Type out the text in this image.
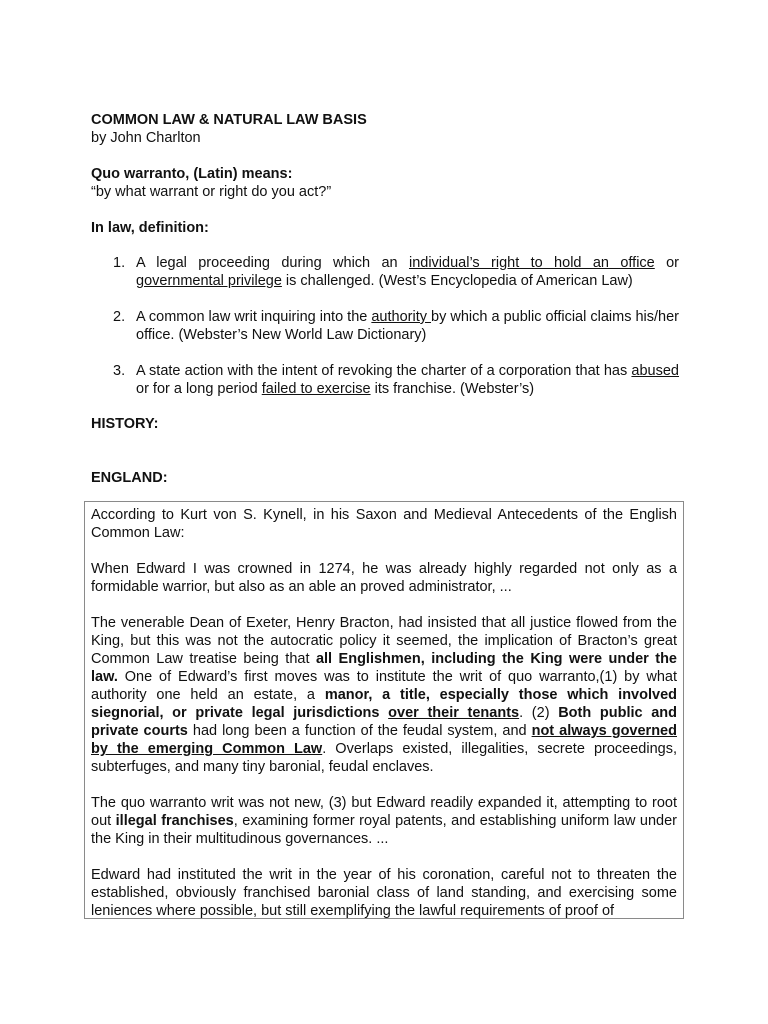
COMMON LAW & NATURAL LAW BASIS
by John Charlton
Quo warranto, (Latin) means:
“by what warrant or right do you act?”
In law, definition:
1. A legal proceeding during which an individual’s right to hold an office or governmental privilege is challenged. (West’s Encyclopedia of American Law)
2. A common law writ inquiring into the authority by which a public official claims his/her office. (Webster’s New World Law Dictionary)
3. A state action with the intent of revoking the charter of a corporation that has abused or for a long period failed to exercise its franchise. (Webster’s)
HISTORY:
ENGLAND:

According to Kurt von S. Kynell, in his Saxon and Medieval Antecedents of the English Common Law:

When Edward I was crowned in 1274, he was already highly regarded not only as a formidable warrior, but also as an able an proved administrator, ...

The venerable Dean of Exeter, Henry Bracton, had insisted that all justice flowed from the King, but this was not the autocratic policy it seemed, the implication of Bracton’s great Common Law treatise being that all Englishmen, including the King were under the law. One of Edward’s first moves was to institute the writ of quo warranto,(1) by what authority one held an estate, a manor, a title, especially those which involved siegnorial, or private legal jurisdictions over their tenants. (2) Both public and private courts had long been a function of the feudal system, and not always governed by the emerging Common Law. Overlaps existed, illegalities, secrete proceedings, subterfuges, and many tiny baronial, feudal enclaves.

The quo warranto writ was not new, (3) but Edward readily expanded it, attempting to root out illegal franchises, examining former royal patents, and establishing uniform law under the King in their multitudinous governances. ...

Edward had instituted the writ in the year of his coronation, careful not to threaten the established, obviously franchised baronial class of land standing, and exercising some leniences where possible, but still exemplifying the lawful requirements of proof of
